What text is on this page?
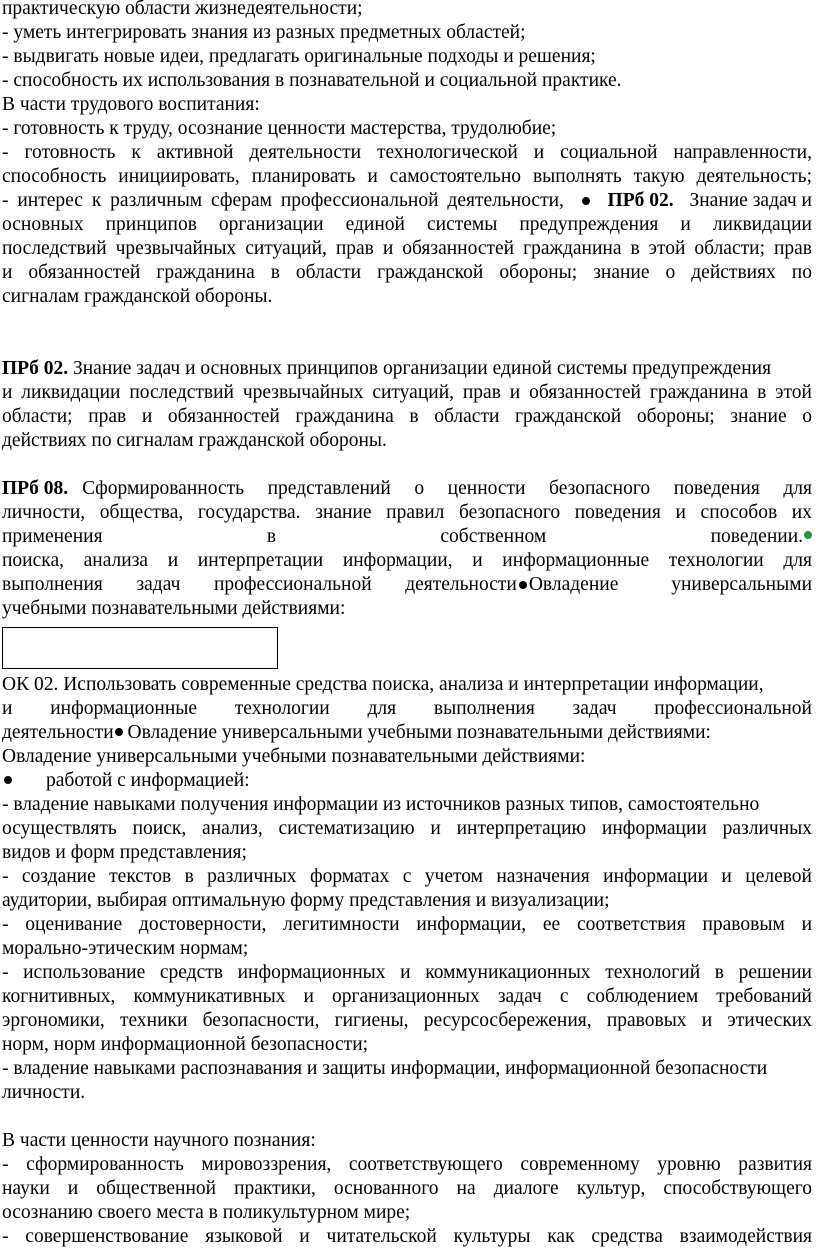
практическую области жизнедеятельности;
- уметь интегрировать знания из разных предметных областей;
- выдвигать новые идеи, предлагать оригинальные подходы и решения;
- способность их использования в познавательной и социальной практике.
В части трудового воспитания:
- готовность к труду, осознание ценности мастерства, трудолюбие;
- готовность к активной деятельности технологической и социальной направленности,
способность инициировать, планировать и самостоятельно выполнять такую деятельность;
- интерес к различным сферам профессиональной деятельности, ПРб 02. Знание задач и
основных принципов организации единой системы предупреждения и ликвидации
последствий чрезвычайных ситуаций, прав и обязанностей гражданина в этой области; прав
и обязанностей гражданина в области гражданской обороны; знание о действиях по
сигналам гражданской обороны.
ПРб 02. Знание задач и основных принципов организации единой системы предупреждения
и ликвидации последствий чрезвычайных ситуаций, прав и обязанностей гражданина в этой
области; прав и обязанностей гражданина в области гражданской обороны; знание о
действиях по сигналам гражданской обороны.
ПРб 08. Сформированность представлений о ценности безопасного поведения для
личности, общества, государства. знание правил безопасного поведения и способов их
применения в собственном поведении.
поиска, анализа и интерпретации информации, и информационные технологии для
выполнения задач профессиональной деятельности Овладение универсальными
учебными познавательными действиями:
ОК 02. Использовать современные средства поиска, анализа и интерпретации информации,
и информационные технологии для выполнения задач профессиональной
деятельности Овладение универсальными учебными познавательными действиями:
Овладение универсальными учебными познавательными действиями:
работой с информацией:
- владение навыками получения информации из источников разных типов, самостоятельно
осуществлять поиск, анализ, систематизацию и интерпретацию информации различных
видов и форм представления;
- создание текстов в различных форматах с учетом назначения информации и целевой
аудитории, выбирая оптимальную форму представления и визуализации;
- оценивание достоверности, легитимности информации, ее соответствия правовым и
морально-этическим нормам;
- использование средств информационных и коммуникационных технологий в решении
когнитивных, коммуникативных и организационных задач с соблюдением требований
эргономики, техники безопасности, гигиены, ресурсосбережения, правовых и этических
норм, норм информационной безопасности;
- владение навыками распознавания и защиты информации, информационной безопасности
личности.
В части ценности научного познания:
- сформированность мировоззрения, соответствующего современному уровню развития
науки и общественной практики, основанного на диалоге культур, способствующего
осознанию своего места в поликультурном мире;
- совершенствование языковой и читательской культуры как средства взаимодействия
